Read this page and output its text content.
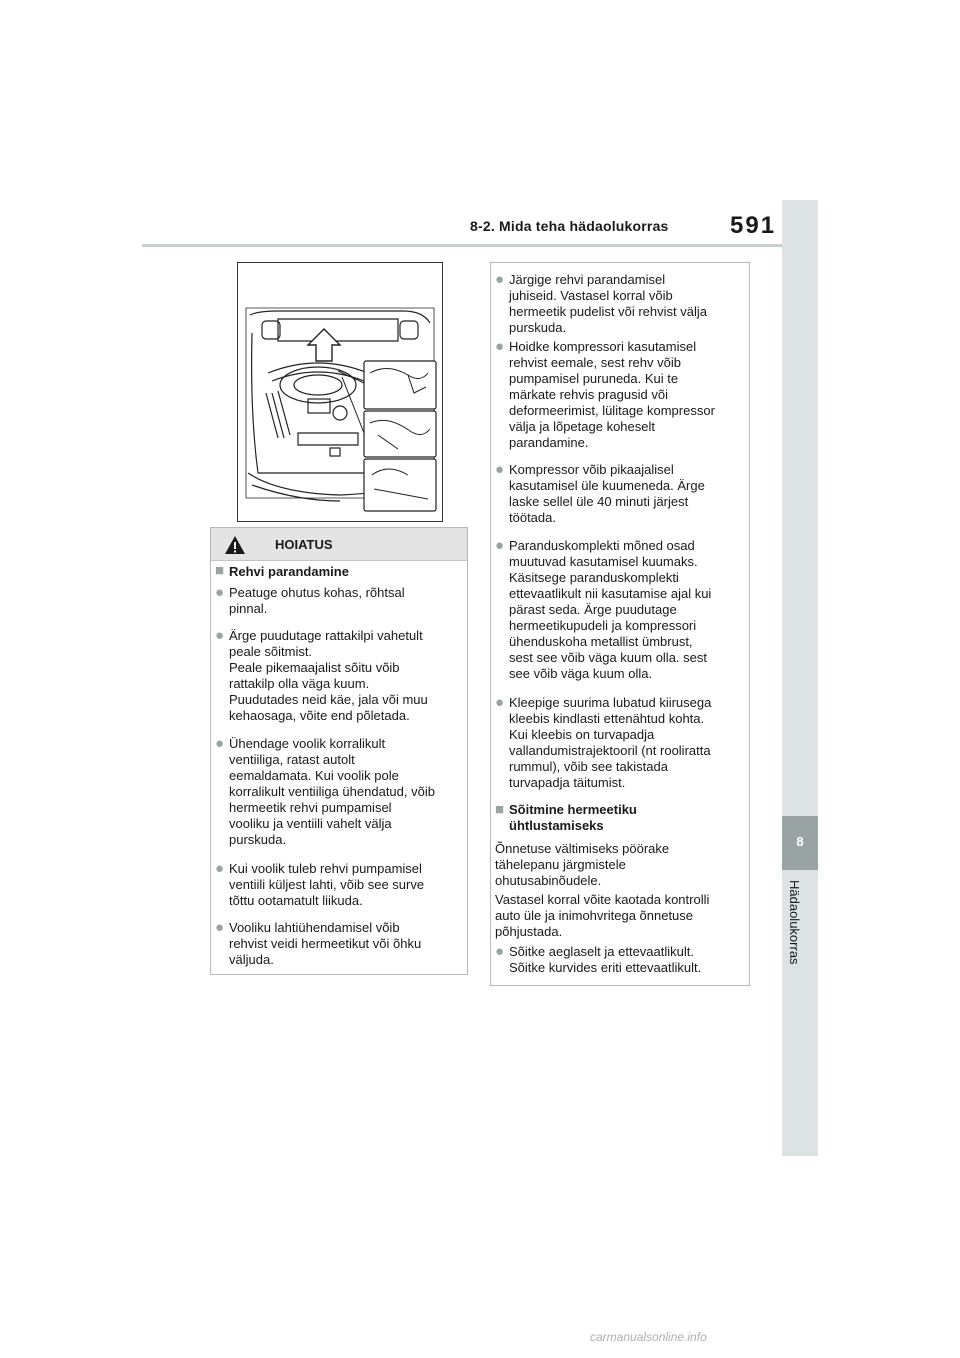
8-2. Mida teha hädaolukorras	591
8
Hädaolukorras
HOIATUS
■ Rehvi parandamine
● Peatuge ohutus kohas, rõhtsal
pinnal.
● Ärge puudutage rattakilpi vahetult
peale sõitmist.
Peale pikemaajalist sõitu võib
rattakilp olla väga kuum.
Puudutades neid käe, jala või muu
kehaosaga, võite end põletada.
● Ühendage voolik korralikult
ventiiliga, ratast autolt
eemaldamata. Kui voolik pole
korralikult ventiiliga ühendatud, võib
hermeetik rehvi pumpamisel
vooliku ja ventiili vahelt välja
purskuda.
● Kui voolik tuleb rehvi pumpamisel
ventiili küljest lahti, võib see surve
tõttu ootamatult liikuda.
● Vooliku lahtiühendamisel võib
rehvist veidi hermeetikut või õhku
väljuda.
● Järgige rehvi parandamisel
juhiseid. Vastasel korral võib
hermeetik pudelist või rehvist välja
purskuda.
● Hoidke kompressori kasutamisel
rehvist eemale, sest rehv võib
pumpamisel puruneda. Kui te
märkate rehvis pragusid või
deformeerimist, lülitage kompressor
välja ja lõpetage koheselt
parandamine.
● Kompressor võib pikaajalisel
kasutamisel üle kuumeneda. Ärge
laske sellel üle 40 minuti järjest
töötada.
● Paranduskomplekti mõned osad
muutuvad kasutamisel kuumaks.
Käsitsege paranduskomplekti
ettevaatlikult nii kasutamise ajal kui
pärast seda. Ärge puudutage
hermeetikupudeli ja kompressori
ühenduskoha metallist ümbrust,
sest see võib väga kuum olla. sest
see võib väga kuum olla.
● Kleepige suurima lubatud kiirusega
kleebis kindlasti ettenähtud kohta.
Kui kleebis on turvapadja
vallandumistrajektooril (nt rooliratta
rummul), võib see takistada
turvapadja täitumist.
■ Sõitmine hermeetiku
ühtlustamiseks
Õnnetuse vältimiseks pöörake
tähelepanu järgmistele
ohutusabinõudele.
Vastasel korral võite kaotada kontrolli
auto üle ja inimohvritega õnnetuse
põhjustada.
● Sõitke aeglaselt ja ettevaatlikult.
Sõitke kurvides eriti ettevaatlikult.
carmanualsonline.info
